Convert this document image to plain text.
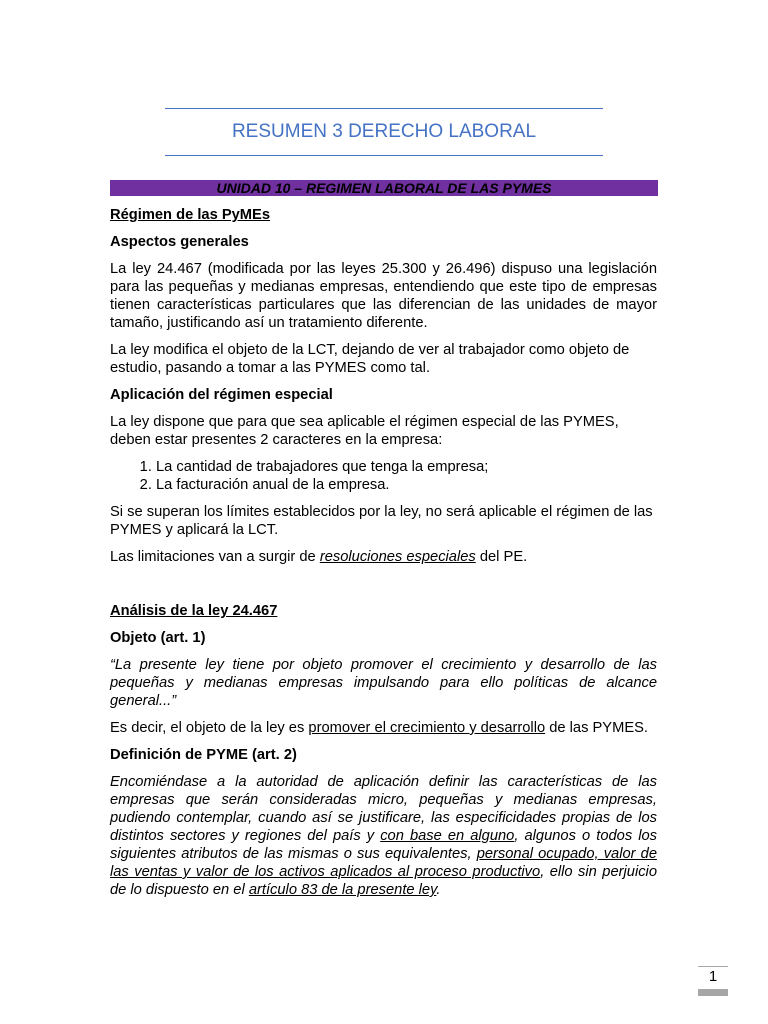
RESUMEN 3 DERECHO LABORAL
UNIDAD 10 – REGIMEN LABORAL DE LAS PYMES

Régimen de las PyMEs

Aspectos generales

La ley 24.467 (modificada por las leyes 25.300 y 26.496) dispuso una legislación para las pequeñas y medianas empresas, entendiendo que este tipo de empresas tienen características particulares que las diferencian de las unidades de mayor tamaño, justificando así un tratamiento diferente.

La ley modifica el objeto de la LCT, dejando de ver al trabajador como objeto de estudio, pasando a tomar a las PYMES como tal.

Aplicación del régimen especial

La ley dispone que para que sea aplicable el régimen especial de las PYMES, deben estar presentes 2 caracteres en la empresa:

1. La cantidad de trabajadores que tenga la empresa;
2. La facturación anual de la empresa.

Si se superan los límites establecidos por la ley, no será aplicable el régimen de las PYMES y aplicará la LCT.

Las limitaciones van a surgir de resoluciones especiales del PE.

Análisis de la ley 24.467

Objeto (art. 1)

“La presente ley tiene por objeto promover el crecimiento y desarrollo de las pequeñas y medianas empresas impulsando para ello políticas de alcance general...”

Es decir, el objeto de la ley es promover el crecimiento y desarrollo de las PYMES.

Definición de PYME (art. 2)

Encomiéndase a la autoridad de aplicación definir las características de las empresas que serán consideradas micro, pequeñas y medianas empresas, pudiendo contemplar, cuando así se justificare, las especificidades propias de los distintos sectores y regiones del país y con base en alguno, algunos o todos los siguientes atributos de las mismas o sus equivalentes, personal ocupado, valor de las ventas y valor de los activos aplicados al proceso productivo, ello sin perjuicio de lo dispuesto en el artículo 83 de la presente ley.

1
